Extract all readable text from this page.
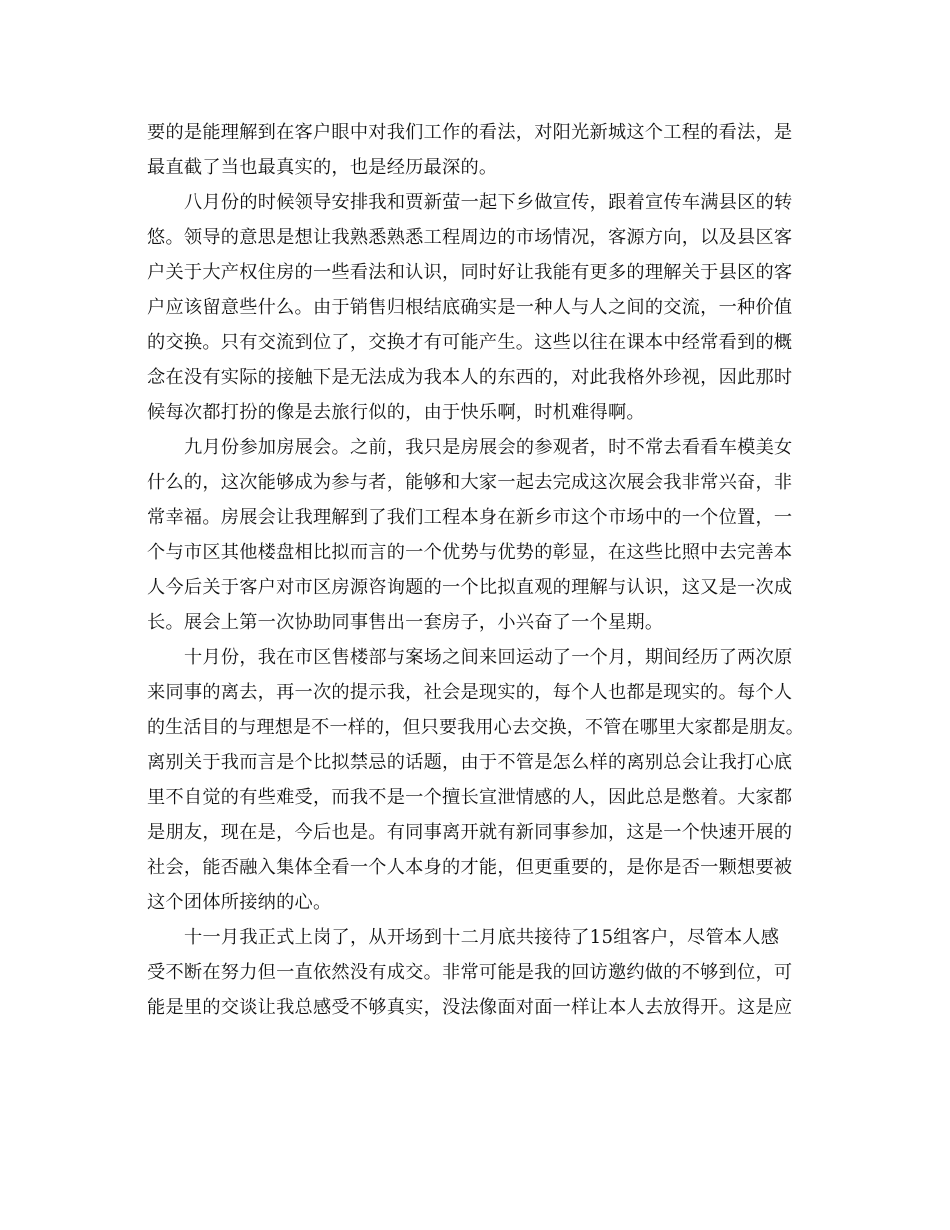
要的是能理解到在客户眼中对我们工作的看法，对阳光新城这个工程的看法，是
最直截了当也最真实的，也是经历最深的。
八月份的时候领导安排我和贾新萤一起下乡做宣传，跟着宣传车满县区的转
悠。领导的意思是想让我熟悉熟悉工程周边的市场情况，客源方向，以及县区客
户关于大产权住房的一些看法和认识，同时好让我能有更多的理解关于县区的客
户应该留意些什么。由于销售归根结底确实是一种人与人之间的交流，一种价值
的交换。只有交流到位了，交换才有可能产生。这些以往在课本中经常看到的概
念在没有实际的接触下是无法成为我本人的东西的，对此我格外珍视，因此那时
候每次都打扮的像是去旅行似的，由于快乐啊，时机难得啊。
九月份参加房展会。之前，我只是房展会的参观者，时不常去看看车模美女
什么的，这次能够成为参与者，能够和大家一起去完成这次展会我非常兴奋，非
常幸福。房展会让我理解到了我们工程本身在新乡市这个市场中的一个位置，一
个与市区其他楼盘相比拟而言的一个优势与优势的彰显，在这些比照中去完善本
人今后关于客户对市区房源咨询题的一个比拟直观的理解与认识，这又是一次成
长。展会上第一次协助同事售出一套房子，小兴奋了一个星期。
十月份，我在市区售楼部与案场之间来回运动了一个月，期间经历了两次原
来同事的离去，再一次的提示我，社会是现实的，每个人也都是现实的。每个人
的生活目的与理想是不一样的，但只要我用心去交换，不管在哪里大家都是朋友。
离别关于我而言是个比拟禁忌的话题，由于不管是怎么样的离别总会让我打心底
里不自觉的有些难受，而我不是一个擅长宣泄情感的人，因此总是憋着。大家都
是朋友，现在是，今后也是。有同事离开就有新同事参加，这是一个快速开展的
社会，能否融入集体全看一个人本身的才能，但更重要的，是你是否一颗想要被
这个团体所接纳的心。
十一月我正式上岗了，从开场到十二月底共接待了15组客户，尽管本人感
受不断在努力但一直依然没有成交。非常可能是我的回访邀约做的不够到位，可
能是里的交谈让我总感受不够真实，没法像面对面一样让本人去放得开。这是应
